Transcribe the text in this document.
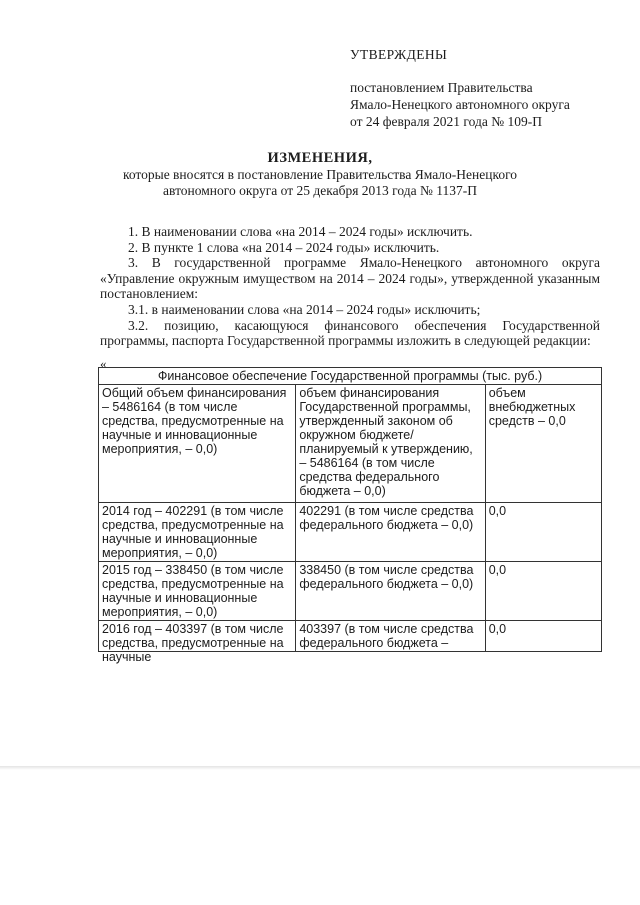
УТВЕРЖДЕНЫ
постановлением Правительства
Ямало-Ненецкого автономного округа
от 24 февраля 2021 года № 109-П
ИЗМЕНЕНИЯ,
которые вносятся в постановление Правительства Ямало-Ненецкого
автономного округа от 25 декабря 2013 года № 1137-П
1. В наименовании слова «на 2014 – 2024 годы» исключить.
2. В пункте 1 слова «на 2014 – 2024 годы» исключить.
3. В государственной программе Ямало-Ненецкого автономного округа «Управление окружным имуществом на 2014 – 2024 годы», утвержденной указанным постановлением:
3.1. в наименовании слова «на 2014 – 2024 годы» исключить;
3.2. позицию, касающуюся финансового обеспечения Государственной программы, паспорта Государственной программы изложить в следующей редакции:
«
Финансовое обеспечение Государственной программы (тыс. руб.)		
Общий объем финансирования – 5486164 (в том числе средства, предусмотренные на научные и инновационные мероприятия, – 0,0)	объем финансирования Государственной программы, утвержденный законом об окружном бюджете/планируемый к утверждению, – 5486164 (в том числе средства федерального бюджета – 0,0)	объем внебюджетных средств – 0,0
2014 год – 402291 (в том числе средства, предусмотренные на научные и инновационные мероприятия, – 0,0)	402291 (в том числе средства федерального бюджета – 0,0)	0,0
2015 год – 338450 (в том числе средства, предусмотренные на научные и инновационные мероприятия, – 0,0)	338450 (в том числе средства федерального бюджета – 0,0)	0,0

2016 год – 403397 (в том числе средства, предусмотренные на научные	403397 (в том числе средства федерального бюджета –	0,0
